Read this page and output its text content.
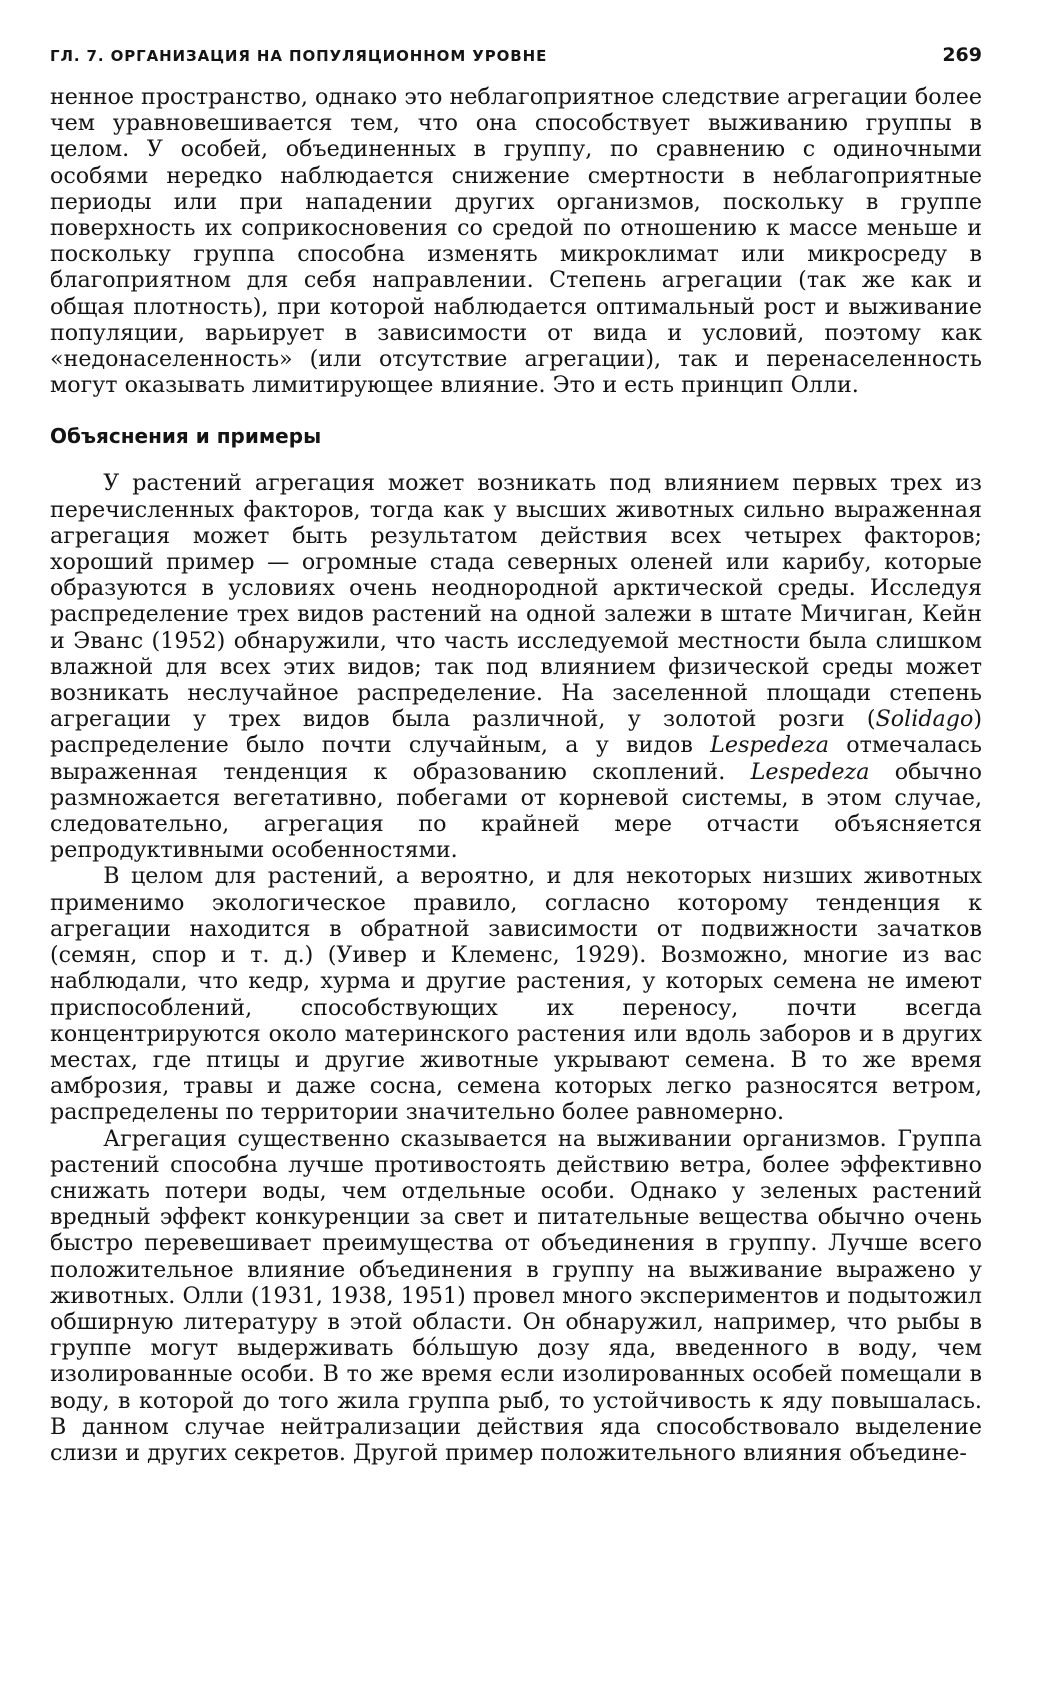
ГЛ. 7. ОРГАНИЗАЦИЯ НА ПОПУЛЯЦИОННОМ УРОВНЕ	269

ненное пространство, однако это неблагоприятное следствие агрегации более чем уравновешивается тем, что она способствует выживанию группы в целом. У особей, объединенных в группу, по сравнению с одиночными особями нередко наблюдается снижение смертности в неблагоприятные периоды или при нападении других организмов, поскольку в группе поверхность их соприкосновения со средой по отношению к массе меньше и поскольку группа способна изменять микроклимат или микросреду в благоприятном для себя направлении. Степень агрегации (так же как и общая плотность), при которой наблюдается оптимальный рост и выживание популяции, варьирует в зависимости от вида и условий, поэтому как «недонаселенность» (или отсутствие агрегации), так и перенаселенность могут оказывать лимитирующее влияние. Это и есть принцип Олли.

Объяснения и примеры

У растений агрегация может возникать под влиянием первых трех из перечисленных факторов, тогда как у высших животных сильно выраженная агрегация может быть результатом действия всех четырех факторов; хороший пример — огромные стада северных оленей или карибу, которые образуются в условиях очень неоднородной арктической среды. Исследуя распределение трех видов растений на одной залежи в штате Мичиган, Кейн и Эванс (1952) обнаружили, что часть исследуемой местности была слишком влажной для всех этих видов; так под влиянием физической среды может возникать неслучайное распределение. На заселенной площади степень агрегации у трех видов была различной, у золотой розги (Solidago) распределение было почти случайным, а у видов Lespedeza отмечалась выраженная тенденция к образованию скоплений. Lespedeza обычно размножается вегетативно, побегами от корневой системы, в этом случае, следовательно, агрегация по крайней мере отчасти объясняется репродуктивными особенностями.

В целом для растений, а вероятно, и для некоторых низших животных применимо экологическое правило, согласно которому тенденция к агрегации находится в обратной зависимости от подвижности зачатков (семян, спор и т. д.) (Уивер и Клеменс, 1929). Возможно, многие из вас наблюдали, что кедр, хурма и другие растения, у которых семена не имеют приспособлений, способствующих их переносу, почти всегда концентрируются около материнского растения или вдоль заборов и в других местах, где птицы и другие животные укрывают семена. В то же время амброзия, травы и даже сосна, семена которых легко разносятся ветром, распределены по территории значительно более равномерно.

Агрегация существенно сказывается на выживании организмов. Группа растений способна лучше противостоять действию ветра, более эффективно снижать потери воды, чем отдельные особи. Однако у зеленых растений вредный эффект конкуренции за свет и питательные вещества обычно очень быстро перевешивает преимущества от объединения в группу. Лучше всего положительное влияние объединения в группу на выживание выражено у животных. Олли (1931, 1938, 1951) провел много экспериментов и подытожил обширную литературу в этой области. Он обнаружил, например, что рыбы в группе могут выдерживать бо́льшую дозу яда, введенного в воду, чем изолированные особи. В то же время если изолированных особей помещали в воду, в которой до того жила группа рыб, то устойчивость к яду повышалась. В данном случае нейтрализации действия яда способствовало выделение слизи и других секретов. Другой пример положительного влияния объедине-
